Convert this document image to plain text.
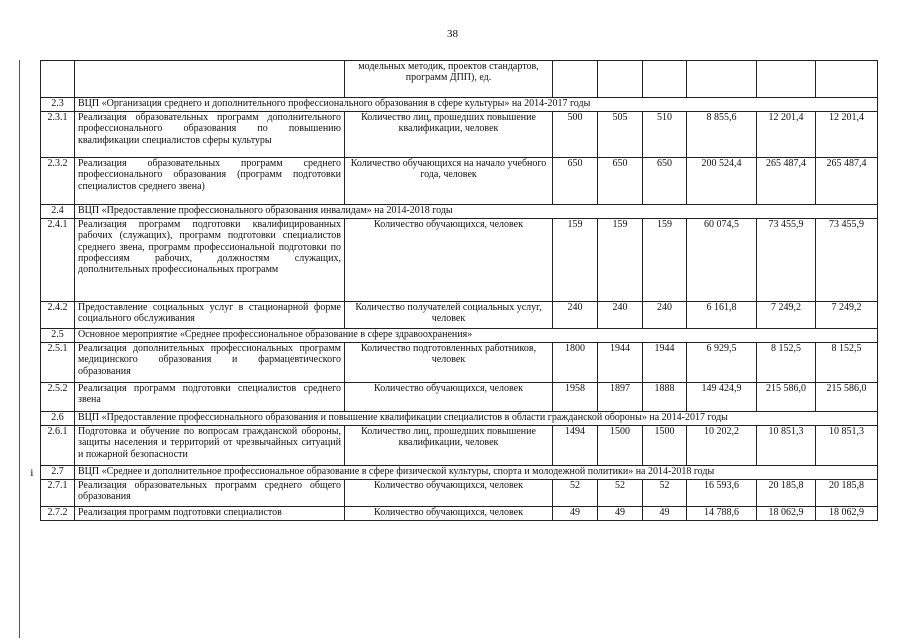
38
ℹ
		модельных методик, проектов стандартов, программ ДПП), ед.						
2.3	ВЦП «Организация среднего и дополнительного профессионального образования в сфере культуры» на 2014-2017 годы							
2.3.1	Реализация образовательных программ дополнительного профессионального образования по повышению квалификации специалистов сферы культуры	Количество лиц, прошедших повышение квалификации, человек	500	505	510	8 855,6	12 201,4	12 201,4
2.3.2	Реализация образовательных программ среднего профессионального образования (программ подготовки специалистов среднего звена)	Количество обучающихся на начало учебного года, человек	650	650	650	200 524,4	265 487,4	265 487,4
2.4	ВЦП «Предоставление профессионального образования инвалидам» на 2014-2018 годы							
2.4.1	Реализация программ подготовки квалифицированных рабочих (служащих), программ подготовки специалистов среднего звена, программ профессиональной подготовки по профессиям рабочих, должностям служащих, дополнительных профессиональных программ	Количество обучающихся, человек	159	159	159	60 074,5	73 455,9	73 455,9
2.4.2	Предоставление социальных услуг в стационарной форме социального обслуживания	Количество получателей социальных услуг, человек	240	240	240	6 161,8	7 249,2	7 249,2
2.5	Основное мероприятие «Среднее профессиональное образование в сфере здравоохранения»							
2.5.1	Реализация дополнительных профессиональных программ медицинского образования и фармацевтического образования	Количество подготовленных работников, человек	1800	1944	1944	6 929,5	8 152,5	8 152,5
2.5.2	Реализация программ подготовки специалистов среднего звена	Количество обучающихся, человек	1958	1897	1888	149 424,9	215 586,0	215 586,0
2.6	ВЦП «Предоставление профессионального образования и повышение квалификации специалистов в области гражданской обороны» на 2014-2017 годы							
2.6.1	Подготовка и обучение по вопросам гражданской обороны, защиты населения и территорий от чрезвычайных ситуаций и пожарной безопасности	Количество лиц, прошедших повышение квалификации, человек	1494	1500	1500	10 202,2	10 851,3	10 851,3
2.7	ВЦП «Среднее и дополнительное профессиональное образование в сфере физической культуры, спорта и молодежной политики» на 2014-2018 годы							
2.7.1	Реализация образовательных программ среднего общего образования	Количество обучающихся, человек	52	52	52	16 593,6	20 185,8	20 185,8
2.7.2	Реализация программ подготовки специалистов	Количество обучающихся, человек	49	49	49	14 788,6	18 062,9	18 062,9
